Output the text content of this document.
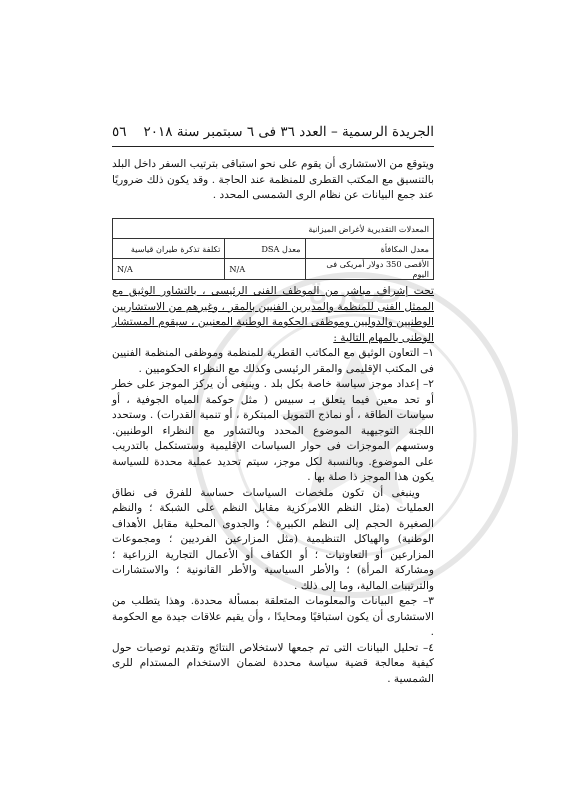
صورة
٥٦ الجريدة الرسمية – العدد ٣٦ فى ٦ سبتمبر سنة ٢٠١٨

ويتوقع من الاستشارى أن يقوم على نحو استباقى بترتيب السفر داخل البلد بالتنسيق مع المكتب القطرى للمنظمة عند الحاجة . وقد يكون ذلك ضروريًا عند جمع البيانات عن نظام الرى الشمسى المحدد .

المعدلات التقديرية لأغراض الميزانية		
معدل المكافأة	معدل DSA	تكلفة تذكرة طيران قياسية
الأقصى 350 دولار أمريكى فى اليوم	N/A	N/A

تحت إشراف مباشر من الموظف الفنى الرئيسى ، بالتشاور الوثيق مع الممثل الفنى للمنظمة والمديرين الفنيين بالمقر ، وغيرهم من الاستشاريين الوطنيين والدوليين وموظفى الحكومة الوطنية المعنيين ، سيقوم المستشار الوطنى بالمهام التالية :

١– التعاون الوثيق مع المكاتب القطرية للمنظمة وموظفى المنظمة الفنيين فى المكتب الإقليمى والمقر الرئيسى وكذلك مع النظراء الحكوميين .

٢– إعداد موجز سياسة خاصة بكل بلد . وينبغى أن يركز الموجز على خطر أو تحد معين فيما يتعلق بـ سبيس ( مثل حوكمة المياه الجوفية ، أو سياسات الطاقة ، أو نماذج التمويل المبتكرة ، أو تنمية القدرات) . وستحدد اللجنة التوجيهية الموضوع المحدد وبالتشاور مع النظراء الوطنيين. وستسهم الموجزات فى حوار السياسات الإقليمية وستستكمل بالتدريب على الموضوع. وبالنسبة لكل موجز، سيتم تحديد عملية محددة للسياسة يكون هذا الموجز ذا صلة بها .

وينبغى أن تكون ملخصات السياسات حساسة للفرق فى نطاق العمليات (مثل النظم اللامركزية مقابل النظم على الشبكة ؛ والنظم الصغيرة الحجم إلى النظم الكبيرة ؛ والجدوى المحلية مقابل الأهداف الوطنية) والهياكل التنظيمية (مثل المزارعين الفرديين ؛ ومجموعات المزارعين أو التعاونيات ؛ أو الكفاف أو الأعمال التجارية الزراعية ؛ ومشاركة المرأة) ؛ والأطر السياسية والأطر القانونية ؛ والاستشارات والترتيبات المالية، وما إلى ذلك .

٣– جمع البيانات والمعلومات المتعلقة بمسألة محددة. وهذا يتطلب من الاستشارى أن يكون استباقيًا ومحايدًا ، وأن يقيم علاقات جيدة مع الحكومة .

٤– تحليل البيانات التى تم جمعها لاستخلاص النتائج وتقديم توصيات حول كيفية معالجة قضية سياسة محددة لضمان الاستخدام المستدام للرى الشمسية .
